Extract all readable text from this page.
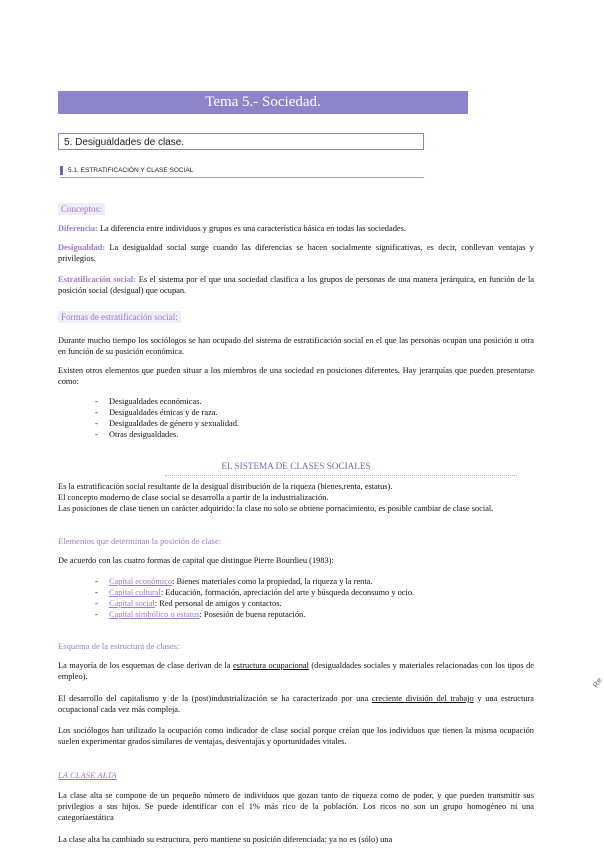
Tema 5.- Sociedad.
5. Desigualdades de clase.
5.1. ESTRATIFICACIÓN Y CLASE SOCIAL
Conceptos:
Diferencia: La diferencia entre individuos y grupos es una característica básica en todas las sociedades.
Desigualdad: La desigualdad social surge cuando las diferencias se hacen socialmente significativas, es decir, conllevan ventajas y privilegios.
Estratificación social: Es el sistema por el que una sociedad clasifica a los grupos de personas de una manera jerárquica, en función de la posición social (desigual) que ocupan.
Formas de estratificación social:
Durante mucho tiempo los sociólogos se han ocupado del sistema de estratificación social en el que las personas ocupan una posición u otra en función de su posición económica.
Existen otros elementos que pueden situar a los miembros de una sociedad en posiciones diferentes. Hay jerarquías que pueden presentarse como:
- Desigualdades económicas.
- Desigualdades étnicas y de raza.
- Desigualdades de género y sexualidad.
- Otras desigualdades.
EL SISTEMA DE CLASES SOCIALES
Es la estratificación social resultante de la desigual distribución de la riqueza (bienes,renta, estatus).
El concepto moderno de clase social se desarrolla a partir de la industrialización.
Las posiciones de clase tienen un carácter adquirido: la clase no solo se obtiene pornacimiento, es posible cambiar de clase social.
Elementos que determinan la posición de clase:
De acuerdo con las cuatro formas de capital que distingue Pierre Bourdieu (1983):
- Capital económico: Bienes materiales como la propiedad, la riqueza y la renta.
- Capital cultural: Educación, formación, apreciación del arte y búsqueda deconsumo y ocio.
- Capital social: Red personal de amigos y contactos.
- Capital simbólico o estatus: Posesión de buena reputación.
Esquema de la estructura de clases:
La mayoría de los esquemas de clase derivan de la estructura ocupacional (desigualdades sociales y materiales relacionadas con los tipos de empleo).
El desarrollo del capitalismo y de la (post)industrialización se ha caracterizado por una creciente división del trabajo y una estructura ocupacional cada vez más compleja.
Los sociólogos han utilizado la ocupación como indicador de clase social porque creían que los individuos que tienen la misma ocupación suelen experimentar grados similares de ventajas, desventajas y oportunidades vitales.
LA CLASE ALTA
La clase alta se compone de un pequeño número de individuos que gozan tanto de riqueza como de poder, y que pueden transmitir sus privilegios a sus hijos. Se puede identificar con el 1% más rico de la población. Los ricos no son un grupo homogéneo ni una categoríaestática
La clase alta ha cambiado su estructura, pero mantiene su posición diferenciada: ya no es (sólo) una
Re
